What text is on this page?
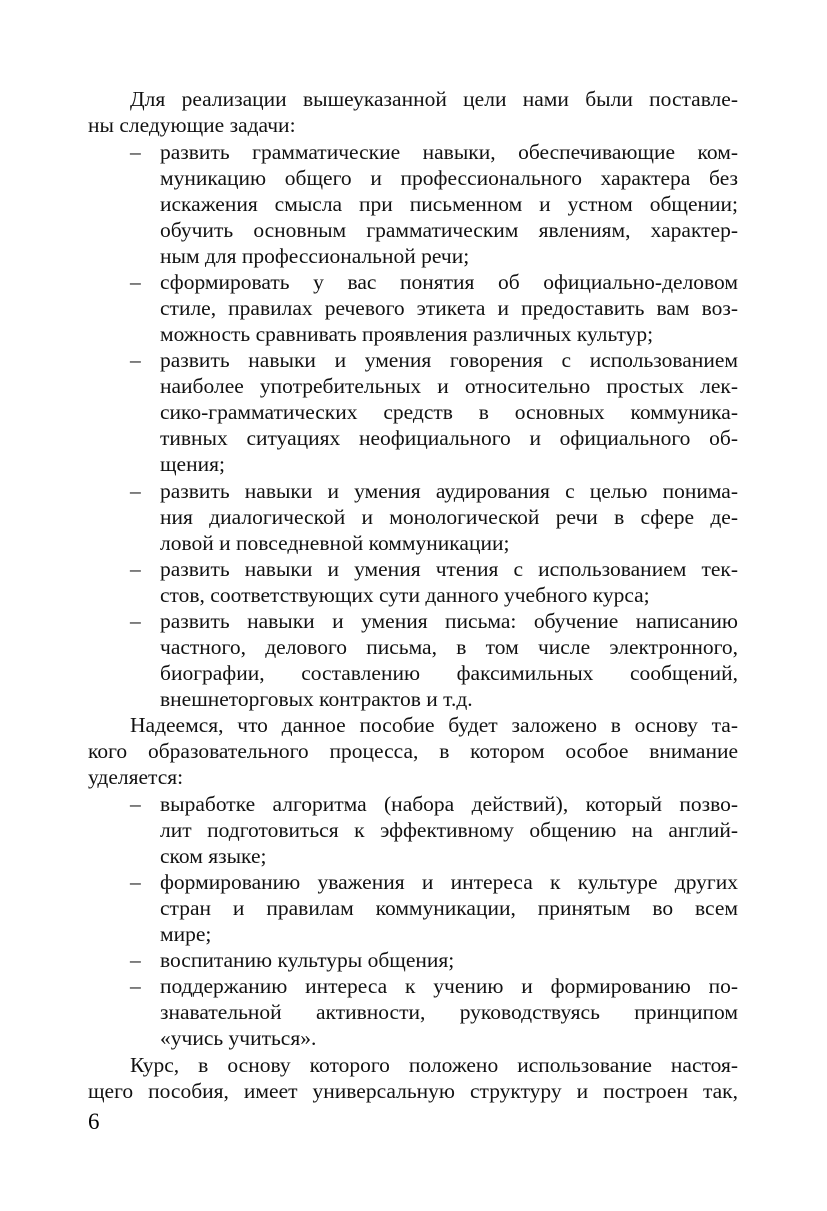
Для реализации вышеуказанной цели нами были поставле-
ны следующие задачи:
– развить грамматические навыки, обеспечивающие ком-
муникацию общего и профессионального характера без
искажения смысла при письменном и устном общении;
обучить основным грамматическим явлениям, характер-
ным для профессиональной речи;
– сформировать у вас понятия об официально-деловом
стиле, правилах речевого этикета и предоставить вам воз-
можность сравнивать проявления различных культур;
– развить навыки и умения говорения с использованием
наиболее употребительных и относительно простых лек-
сико-грамматических средств в основных коммуника-
тивных ситуациях неофициального и официального об-
щения;
– развить навыки и умения аудирования с целью понима-
ния диалогической и монологической речи в сфере де-
ловой и повседневной коммуникации;
– развить навыки и умения чтения с использованием тек-
стов, соответствующих сути данного учебного курса;
– развить навыки и умения письма: обучение написанию
частного, делового письма, в том числе электронного,
биографии, составлению факсимильных сообщений,
внешнеторговых контрактов и т.д.
Надеемся, что данное пособие будет заложено в основу та-
кого образовательного процесса, в котором особое внимание
уделяется:
– выработке алгоритма (набора действий), который позво-
лит подготовиться к эффективному общению на англий-
ском языке;
– формированию уважения и интереса к культуре других
стран и правилам коммуникации, принятым во всем
мире;
– воспитанию культуры общения;
– поддержанию интереса к учению и формированию по-
знавательной активности, руководствуясь принципом
«учись учиться».
Курс, в основу которого положено использование настоя-
щего пособия, имеет универсальную структуру и построен так,
6
